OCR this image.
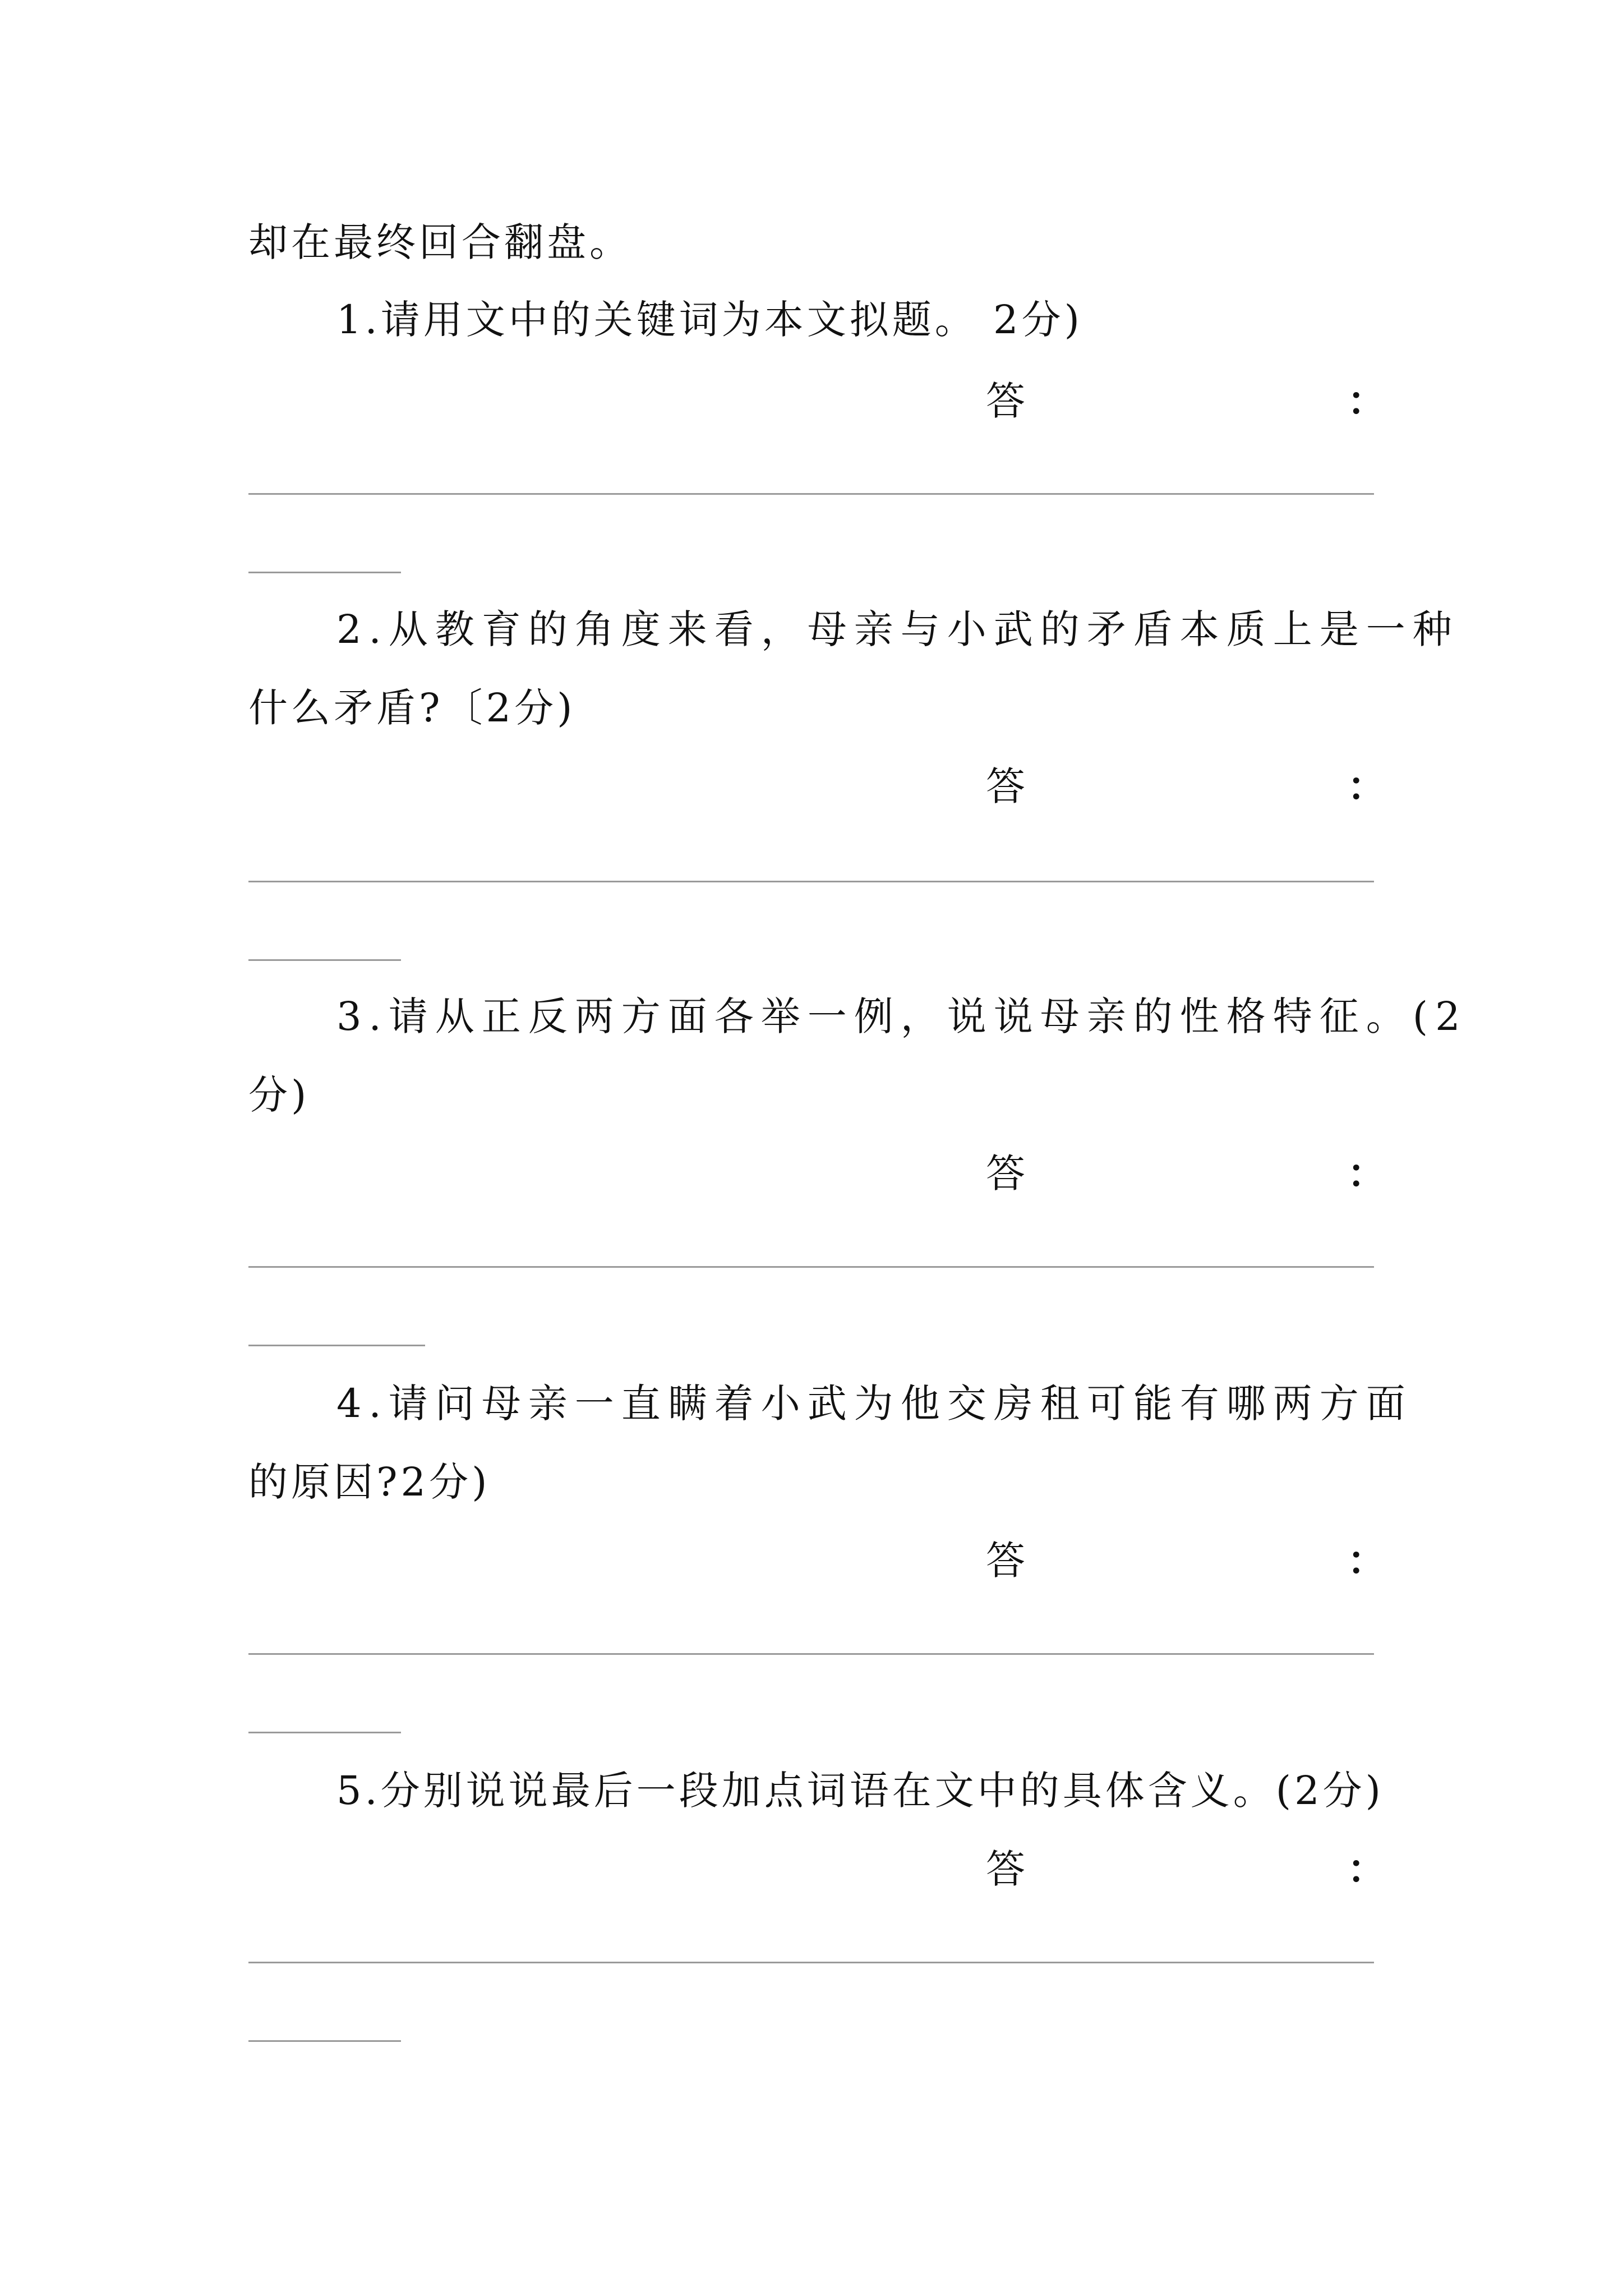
却在最终回合翻盘。
1.请用文中的关键词为本文拟题。 2分)
答	：
2.从教育的角度来看，母亲与小武的矛盾本质上是一种
什么矛盾?〔2分)
答	：
3.请从正反两方面各举一例，说说母亲的性格特征。(2
分)
答	：
4.请问母亲一直瞒着小武为他交房租可能有哪两方面
的原因?2分)
答	：
5.分别说说最后一段加点词语在文中的具体含义。(2分)
答	：
